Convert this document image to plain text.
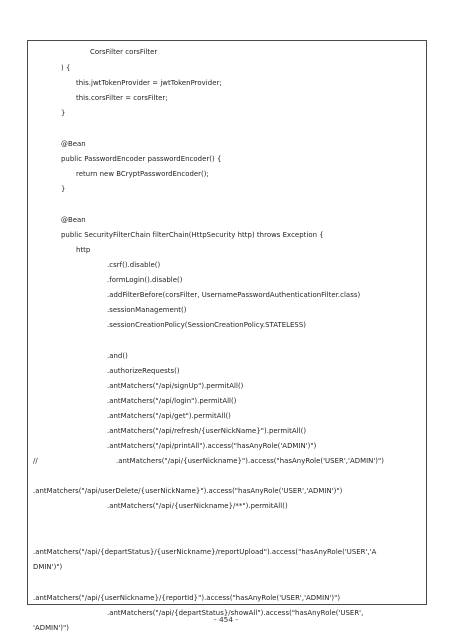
CorsFilter corsFilter
) {
this.jwtTokenProvider = jwtTokenProvider;
this.corsFilter = corsFilter;
}
@Bean
public PasswordEncoder passwordEncoder() {
return new BCryptPasswordEncoder();
}
@Bean
public SecurityFilterChain filterChain(HttpSecurity http) throws Exception {
http
.csrf().disable()
.formLogin().disable()
.addFilterBefore(corsFilter, UsernamePasswordAuthenticationFilter.class)
.sessionManagement()
.sessionCreationPolicy(SessionCreationPolicy.STATELESS)
.and()
.authorizeRequests()
.antMatchers("/api/signUp").permitAll()
.antMatchers("/api/login").permitAll()
.antMatchers("/api/get").permitAll()
.antMatchers("/api/refresh/{userNickName}").permitAll()
.antMatchers("/api/printAll").access("hasAnyRole('ADMIN')")
//	.antMatchers("/api/{userNickname}").access("hasAnyRole('USER','ADMIN')")
.antMatchers("/api/userDelete/{userNickName}").access("hasAnyRole('USER','ADMIN')")
.antMatchers("/api/{userNickname}/**").permitAll()
.antMatchers("/api/{departStatus}/{userNickname}/reportUpload").access("hasAnyRole('USER','A
DMIN')")
.antMatchers("/api/{userNickname}/{reportId}").access("hasAnyRole('USER','ADMIN')")
.antMatchers("/api/{departStatus}/showAll").access("hasAnyRole('USER',
'ADMIN')")
- 454 -
